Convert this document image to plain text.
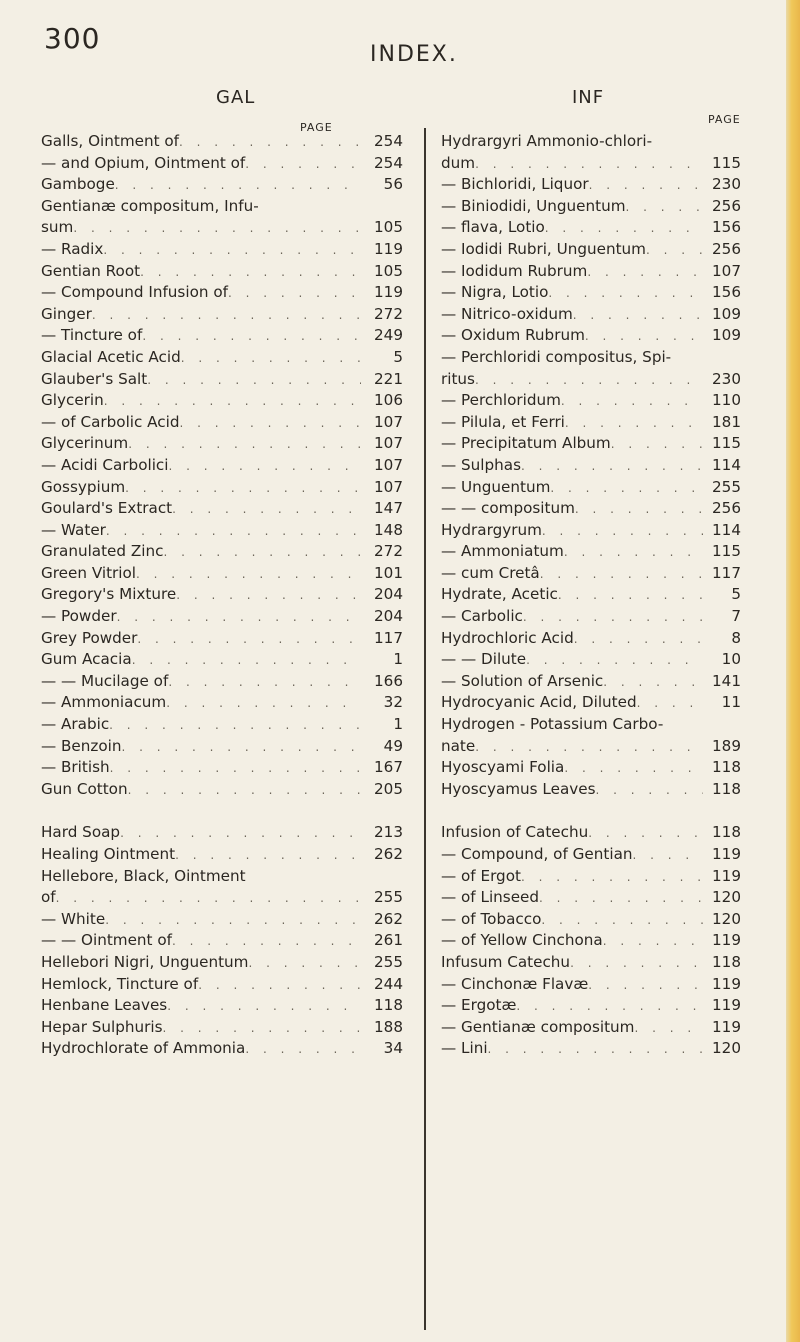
300	INDEX.
GAL	INF
PAGE
PAGE
Galls, Ointment of . . .	254
— and Opium, Ointment of . . .	254
Gamboge . . .	56
Gentianæ compositum, Infu-
sum . . .	105
— Radix . . .	119
Gentian Root . . .	105
— Compound Infusion of . . .	119
Ginger . . .	272
— Tincture of . . .	249
Glacial Acetic Acid . . .	5
Glauber's Salt . . .	221
Glycerin . . .	106
— of Carbolic Acid . . .	107
Glycerinum . . .	107
— Acidi Carbolici . . .	107
Gossypium . . .	107
Goulard's Extract . . .	147
— Water . . .	148
Granulated Zinc . . .	272
Green Vitriol . . .	101
Gregory's Mixture . . .	204
— Powder . . .	204
Grey Powder . . .	117
Gum Acacia . . .	1
— — Mucilage of . . .	166
— Ammoniacum . . .	32
— Arabic . . .	1
— Benzoin . . .	49
— British . . .	167
Gun Cotton . . .	205
Hard Soap . . .	213
Healing Ointment . . .	262
Hellebore, Black, Ointment
of . . .	255
— White . . .	262
— — Ointment of . . .	261
Hellebori Nigri, Unguentum . . .	255
Hemlock, Tincture of . . .	244
Henbane Leaves . . .	118
Hepar Sulphuris . . .	188
Hydrochlorate of Ammonia . . .	34
Hydrargyri Ammonio-chlori-
dum . . .	115
— Bichloridi, Liquor . . .	230
— Biniodidi, Unguentum . . .	256
— flava, Lotio . . .	156
— Iodidi Rubri, Unguentum . . .	256
— Iodidum Rubrum . . .	107
— Nigra, Lotio . . .	156
— Nitrico-oxidum . . .	109
— Oxidum Rubrum . . .	109
— Perchloridi compositus, Spi-
ritus . . .	230
— Perchloridum . . .	110
— Pilula, et Ferri . . .	181
— Precipitatum Album . . .	115
— Sulphas . . .	114
— Unguentum . . .	255
— — compositum . . .	256
Hydrargyrum . . .	114
— Ammoniatum . . .	115
— cum Cretâ . . .	117
Hydrate, Acetic . . .	5
— Carbolic . . .	7
Hydrochloric Acid . . .	8
— — Dilute . . .	10
— Solution of Arsenic . . .	141
Hydrocyanic Acid, Diluted . . .	11
Hydrogen - Potassium Carbo-
nate . . .	189
Hyoscyami Folia . . .	118
Hyoscyamus Leaves . . .	118
Infusion of Catechu . . .	118
— Compound, of Gentian . . .	119
— of Ergot . . .	119
— of Linseed . . .	120
— of Tobacco . . .	120
— of Yellow Cinchona . . .	119
Infusum Catechu . . .	118
— Cinchonæ Flavæ . . .	119
— Ergotæ . . .	119
— Gentianæ compositum . . .	119
— Lini . . .	120
